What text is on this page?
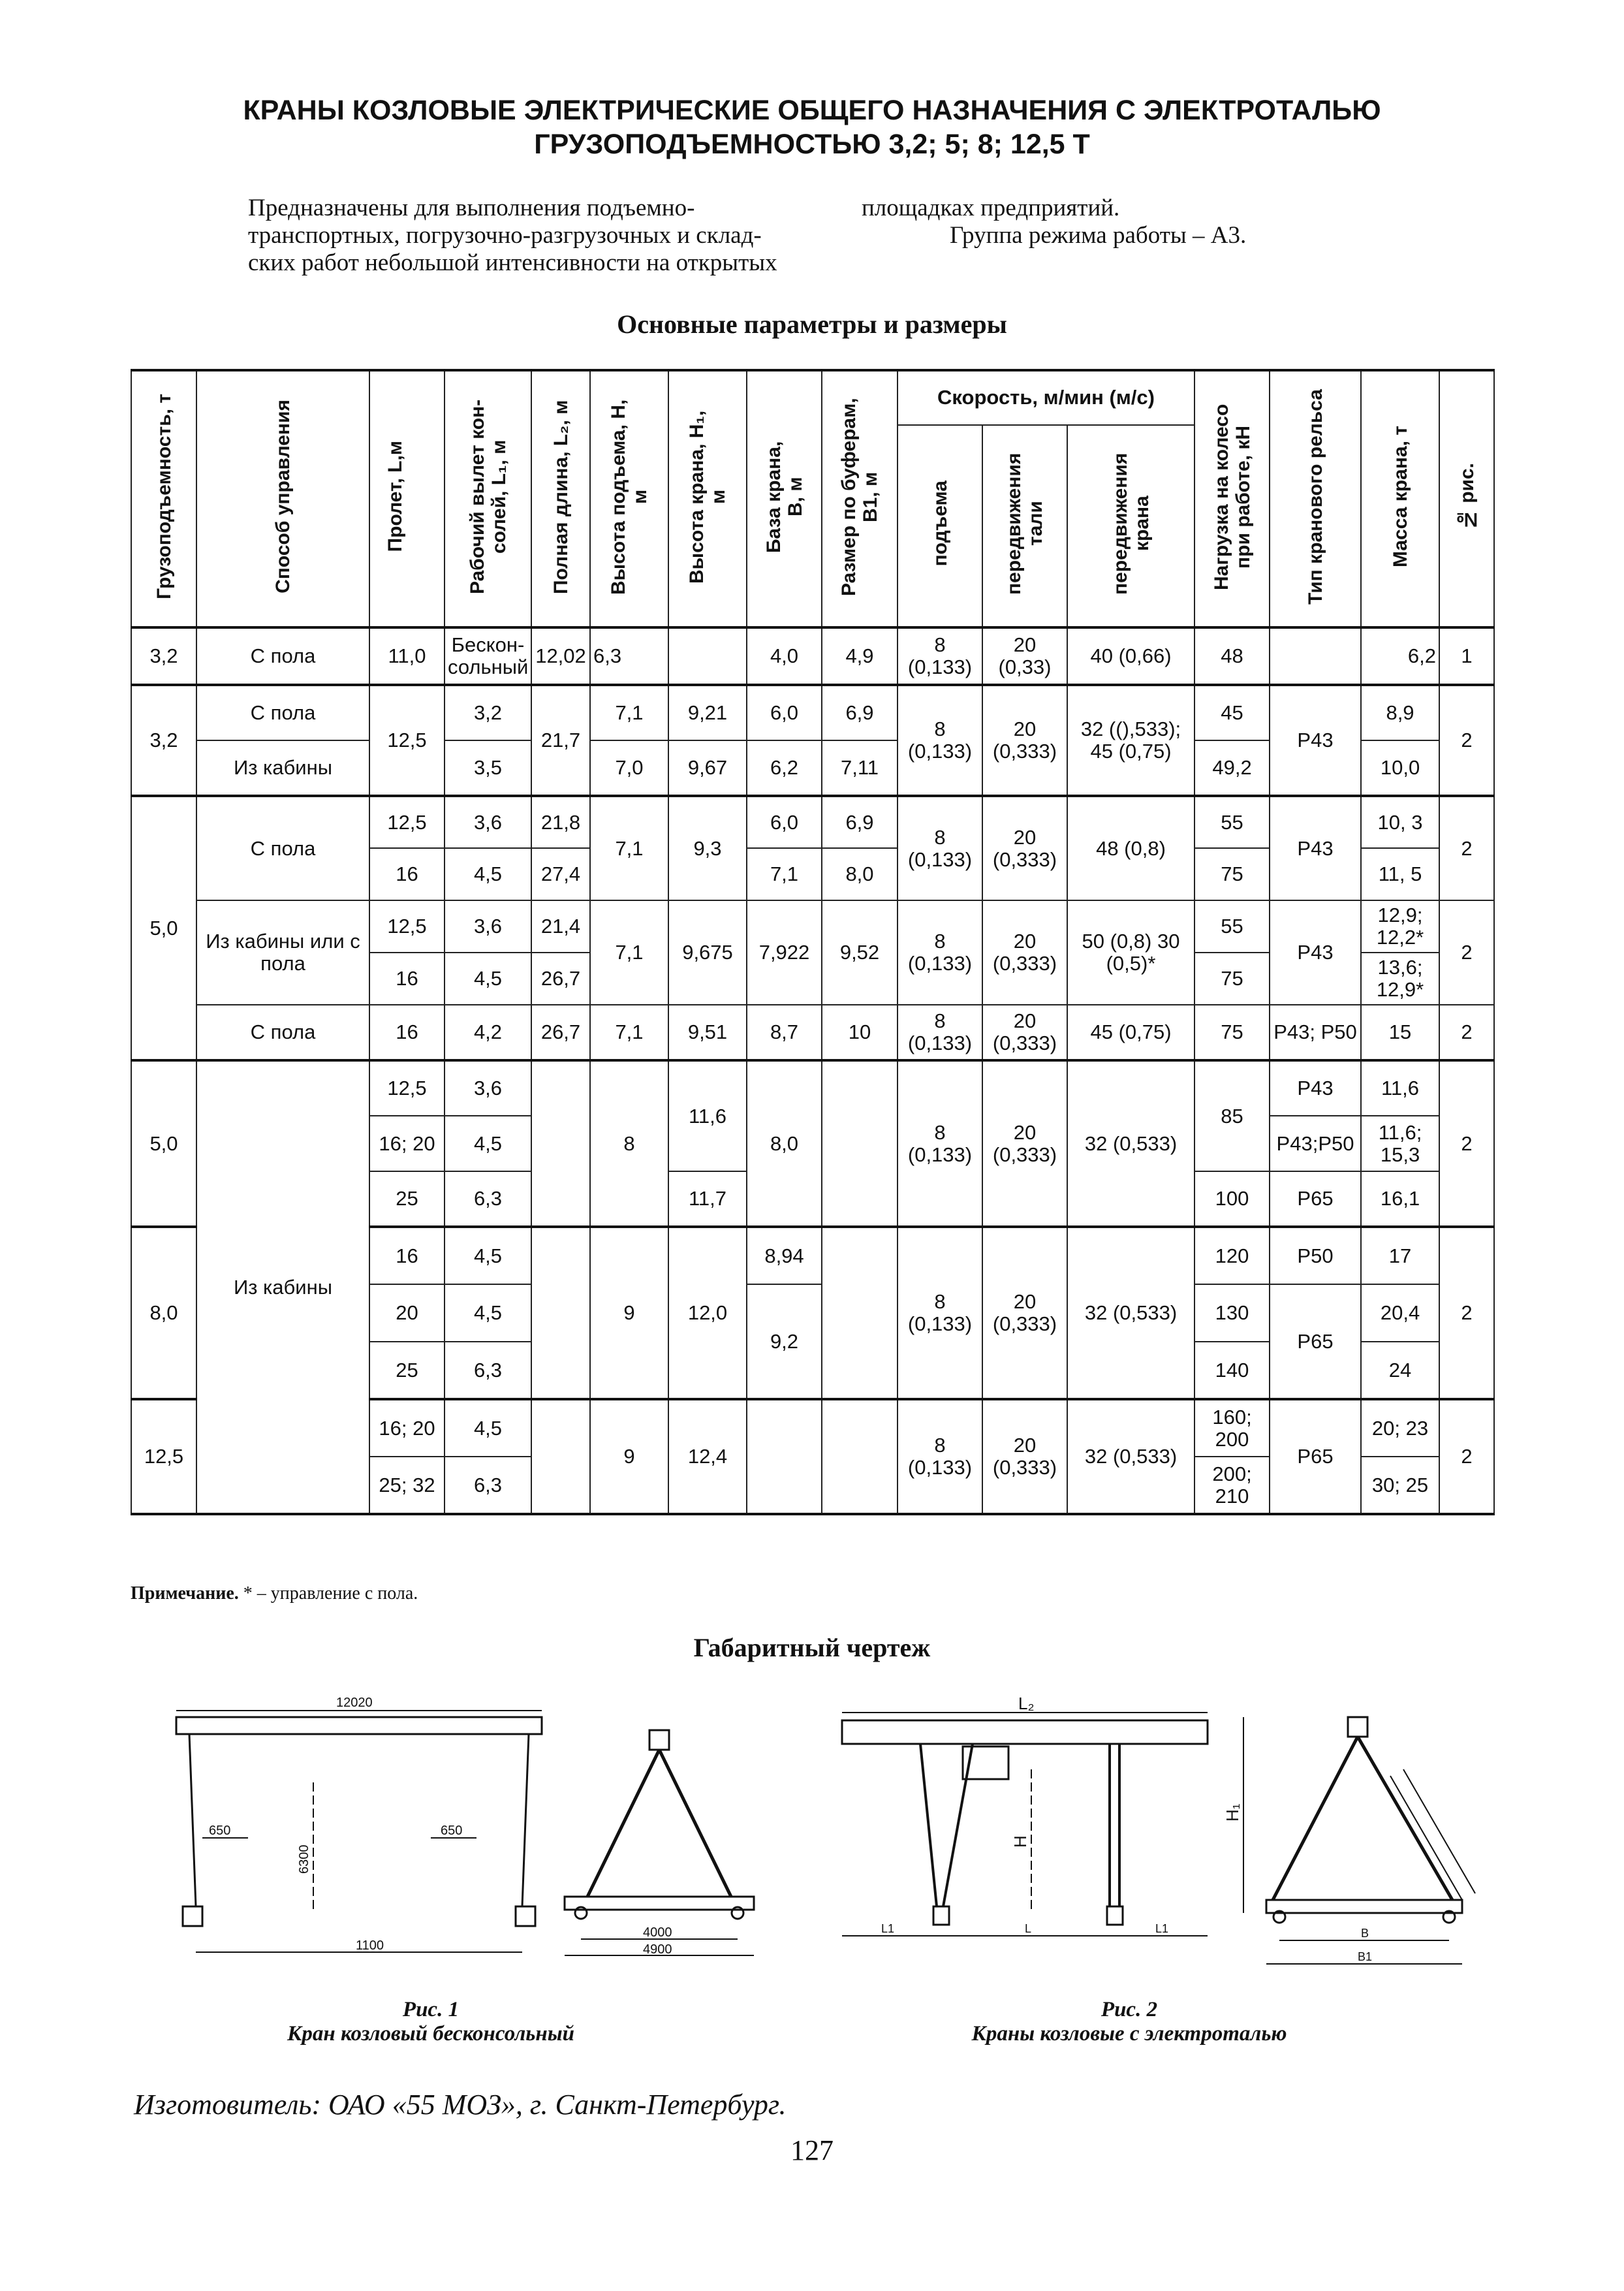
КРАНЫ КОЗЛОВЫЕ ЭЛЕКТРИЧЕСКИЕ ОБЩЕГО НАЗНАЧЕНИЯ С ЭЛЕКТРОТАЛЬЮ
ГРУЗОПОДЪЕМНОСТЬЮ 3,2; 5; 8; 12,5 Т
Предназначены для выполнения подъемно-
транспортных, погрузочно-разгрузочных и склад-
ских работ небольшой интенсивности на открытых
площадках предприятий.
Группа режима работы – А3.
Основные параметры и размеры
Грузоподъемность, т	Способ управления	Пролет, L,м	Рабочий вылет кон-солей, L₁, м	Полная длина, L₂, м	Высота подъема, Н, м	Высота крана, Н₁, м	База крана, В, м	Размер по буферам, В1, м	Скорость, м/мин (м/с)			Нагрузка на колесо при работе, кН	Тип кранового рельса	Масса крана, т	№ рис.
									подъема	передвижения тали	передвижения крана				
3,2	С пола	11,0	Бескон-сольный	12,02	6,3		4,0	4,9	8 (0,133)	20 (0,33)	40 (0,66)	48		6,2	1
3,2	С пола	12,5	3,2	21,7	7,1	9,21	6,0	6,9	8 (0,133)	20 (0,333)	32 ((),533); 45 (0,75)	45	Р43	8,9	2
	Из кабины		3,5		7,0	9,67	6,2	7,11				49,2		10,0	
5,0	С пола	12,5	3,6	21,8	7,1	9,3	6,0	6,9	8 (0,133)	20 (0,333)	48 (0,8)	55	Р43	10, 3	2
		16	4,5	27,4			7,1	8,0				75		11, 5	
	Из кабины или с пола	12,5	3,6	21,4	7,1	9,675	7,922	9,52	8 (0,133)	20 (0,333)	50 (0,8) 30 (0,5)*	55	Р43	12,9; 12,2*	2
		16	4,5	26,7								75		13,6; 12,9*	
	С пола	16	4,2	26,7	7,1	9,51	8,7	10	8 (0,133)	20 (0,333)	45 (0,75)	75	Р43; Р50	15	2
5,0	Из кабины	12,5	3,6		8	11,6	8,0		8 (0,133)	20 (0,333)	32 (0,533)	85	Р43	11,6	2
		16; 20	4,5										Р43;Р50	11,6; 15,3	
		25	6,3			11,7						100	Р65	16,1	
8,0		16	4,5		9	12,0	8,94		8 (0,133)	20 (0,333)	32 (0,533)	120	Р50	17	2
		20	4,5				9,2					130	Р65	20,4	
		25	6,3									140		24	
12,5		16; 20	4,5		9	12,4			8 (0,133)	20 (0,333)	32 (0,533)	160; 200	Р65	20; 23	2
		25; 32	6,3									200; 210		30; 25	
Примечание. * – управление с пола.
Габаритный чертеж
12020
1100
650	650
6300
4000
4900
L₂
H
L1	L	L1
H₁
B
B1
Рис. 1
Кран козловый бесконсольный
Рис. 2
Краны козловые с электроталью
Изготовитель: ОАО «55 МОЗ», г. Санкт-Петербург.
127
